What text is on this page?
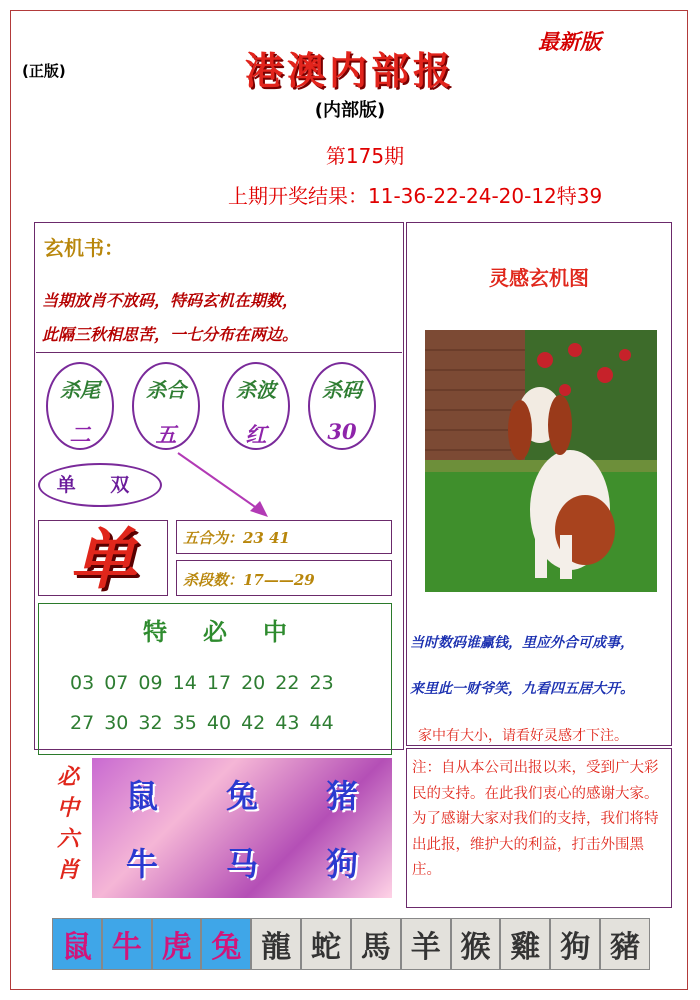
(正版)	港澳内部报
最新版
(内部版)
第175期
上期开奖结果：11-36-22-24-20-12特39
玄机书：
当期放肖不放码，特码玄机在期数，
此隔三秋相思苦，一七分布在两边。
杀尾
二
杀合
五
杀波
红
杀码
30
单 双
单	五合为：23 41
杀段数：17——29
特必中
03 07 09 14 17 20 22 23
27 30 32 35 40 42 43 44
必
中
六
肖
鼠	兔	猪
牛	马	狗
灵感玄机图
当时数码谁赢钱，里应外合可成事，
来里此一财爷笑，九看四五居大开。
家中有大小，请看好灵感才下注。
注：自从本公司出报以来，受到广大彩民的支持。在此我们衷心的感谢大家。为了感谢大家对我们的支持，我们将特出此报，维护大的利益，打击外围黑庄。
鼠 牛 虎 兔 龍 蛇 馬 羊 猴 雞 狗 豬
